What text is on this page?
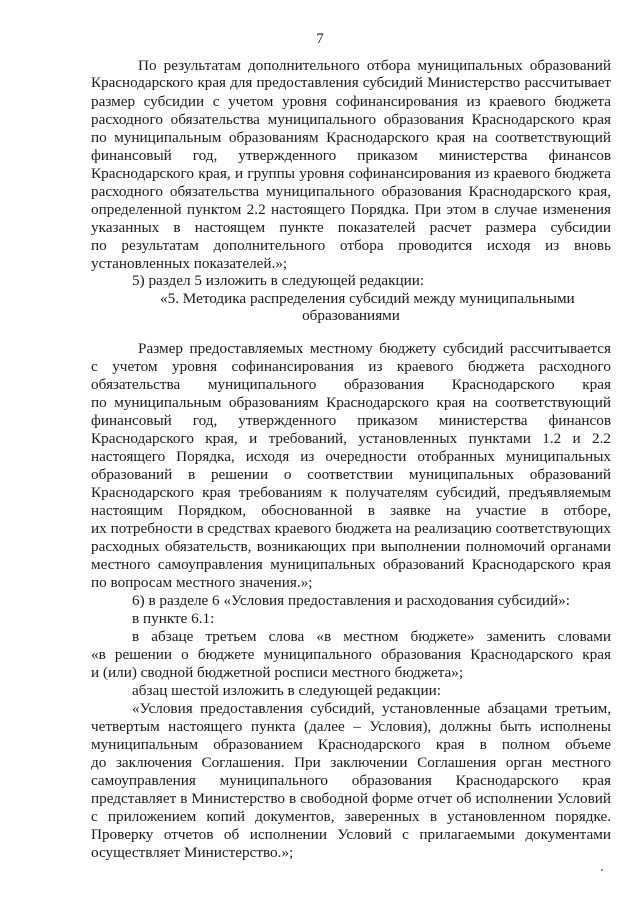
7
По результатам дополнительного отбора муниципальных образований
Краснодарского края для предоставления субсидий Министерство рассчитывает
размер субсидии с учетом уровня софинансирования из краевого бюджета
расходного обязательства муниципального образования Краснодарского края
по муниципальным образованиям Краснодарского края на соответствующий
финансовый год, утвержденного приказом министерства финансов
Краснодарского края, и группы уровня софинансирования из краевого бюджета
расходного обязательства муниципального образования Краснодарского края,
определенной пунктом 2.2 настоящего Порядка. При этом в случае изменения
указанных в настоящем пункте показателей расчет размера субсидии
по результатам дополнительного отбора проводится исходя из вновь
установленных показателей.»;
5) раздел 5 изложить в следующей редакции:
«5. Методика распределения субсидий между муниципальными
образованиями
Размер предоставляемых местному бюджету субсидий рассчитывается
с учетом уровня софинансирования из краевого бюджета расходного
обязательства муниципального образования Краснодарского края
по муниципальным образованиям Краснодарского края на соответствующий
финансовый год, утвержденного приказом министерства финансов
Краснодарского края, и требований, установленных пунктами 1.2 и 2.2
настоящего Порядка, исходя из очередности отобранных муниципальных
образований в решении о соответствии муниципальных образований
Краснодарского края требованиям к получателям субсидий, предъявляемым
настоящим Порядком, обоснованной в заявке на участие в отборе,
их потребности в средствах краевого бюджета на реализацию соответствующих
расходных обязательств, возникающих при выполнении полномочий органами
местного самоуправления муниципальных образований Краснодарского края
по вопросам местного значения.»;
6) в разделе 6 «Условия предоставления и расходования субсидий»:
в пункте 6.1:
в абзаце третьем слова «в местном бюджете» заменить словами
«в решении о бюджете муниципального образования Краснодарского края
и (или) сводной бюджетной росписи местного бюджета»;
абзац шестой изложить в следующей редакции:
«Условия предоставления субсидий, установленные абзацами третьим,
четвертым настоящего пункта (далее – Условия), должны быть исполнены
муниципальным образованием Краснодарского края в полном объеме
до заключения Соглашения. При заключении Соглашения орган местного
самоуправления муниципального образования Краснодарского края
представляет в Министерство в свободной форме отчет об исполнении Условий
с приложением копий документов, заверенных в установленном порядке.
Проверку отчетов об исполнении Условий с прилагаемыми документами
осуществляет Министерство.»;
